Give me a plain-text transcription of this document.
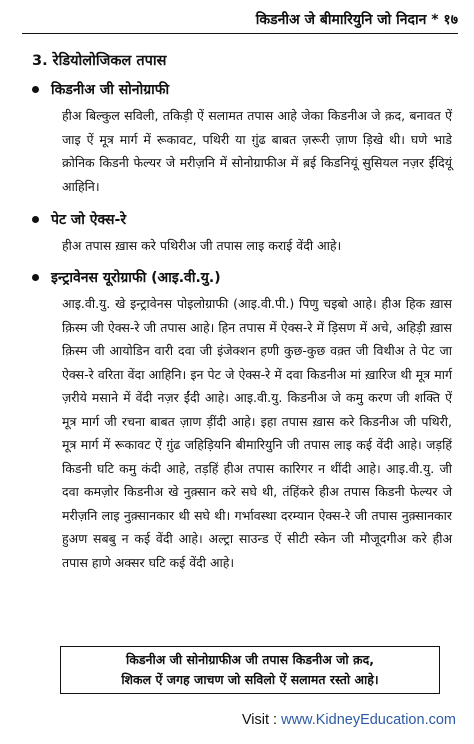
किडनीअ जे बीमारियुनि जो निदान * १७
3. रेडियोलोजिकल तपास
किडनीअ जी सोनोग्राफी
हीअ बिल्कुल सविली, तकिड़ी ऐं सलामत तपास आहे जेका किडनीअ जे क़द, बनावत ऐं जाइ ऐं मूत्र मार्ग में रूकावट, पथिरी या ग़ुंढ बाबत ज़रूरी ज़ाण ड़िखे थी। घणे भाडे क्रोनिक किडनी फेल्यर जे मरीज़नि में सोनोग्राफीअ में ब़ई किडनियूं सुसियल नज़र ईंदियूं आहिनि।
पेट जो ऐक्स-रे
हीअ तपास ख़ास करे पथिरीअ जी तपास लाइ कराई वेंदी आहे।
इन्ट्रावेनस यूरोग्राफी (आइ.वी.यु.)
आइ.वी.यु. खे इन्ट्रावेनस पोइलोग्राफी (आइ.वी.पी.) पिणु चइबो आहे। हीअ हिक ख़ास क़िस्म जी ऐक्स-रे जी तपास आहे। हिन तपास में ऐक्स-रे में ड़िसण में अचे, अहिड़ी ख़ास क़िस्म जी आयोडिन वारी दवा जी इंजेक्शन हणी कुछ-कुछ वक़्त जी विथीअ ते पेट जा ऐक्स-रे वरिता वेंदा आहिनि। इन पेट जे ऐक्स-रे में दवा किडनीअ मां ख़ारिज थी मूत्र मार्ग ज़रीये मसाने में वेंदी नज़र ईंदी आहे। आइ.वी.यु. किडनीअ जे कमु करण जी शक्ति ऐं मूत्र मार्ग जी रचना बाबत ज़ाण ड़ींदी आहे। इहा तपास ख़ास करे किडनीअ जी पथिरी, मूत्र मार्ग में रूकावट ऐं ग़ुंढ जहिड़ियनि बीमारियुनि जी तपास लाइ कई वेंदी आहे। जड़हिं किडनी घटि कमु कंदी आहे, तड़हिं हीअ तपास कारिगर न थींदी आहे। आइ.वी.यु. जी दवा कमज़ोर किडनीअ खे नुक़्सान करे सघे थी, तंहिंकरे हीअ तपास किडनी फेल्यर जे मरीज़नि लाइ नुक़्सानकार थी सघे थी। गर्भावस्था दरम्यान ऐक्स-रे जी तपास नुक़्सानकार हुअण सबबु न कई वेंदी आहे। अल्ट्रा साउन्ड ऐं सीटी स्केन जी मौजूदगीअ करे हीअ तपास हाणे अक्सर घटि कई वेंदी आहे।
किडनीअ जी सोनोग्राफीअ जी तपास किडनीअ जो क़द,
शिकल ऐं जगह जाचण जो सविलो ऐं सलामत रस्तो आहे।
Visit : www.KidneyEducation.com
